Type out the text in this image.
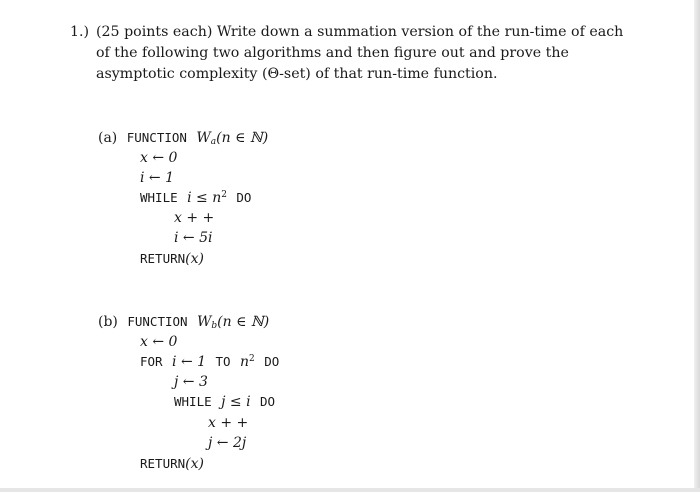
1.) (25 points each) Write down a summation version of the run-time of each of the following two algorithms and then figure out and prove the asymptotic complexity (Θ-set) of that run-time function.
(a) FUNCTION $W_a(n$ ∈ ℕ)
x ← 0
i ← 1
WHILE $i \le n^2$ DO
x + +
i ← 5i
RETURN(x)
(b) FUNCTION $W_b(n$ ∈ ℕ)
x ← 0
FOR i ← 1 TO $n^2$ DO
j ← 3
WHILE j ≤ i DO
x + +
j ← 2j
RETURN(x)
